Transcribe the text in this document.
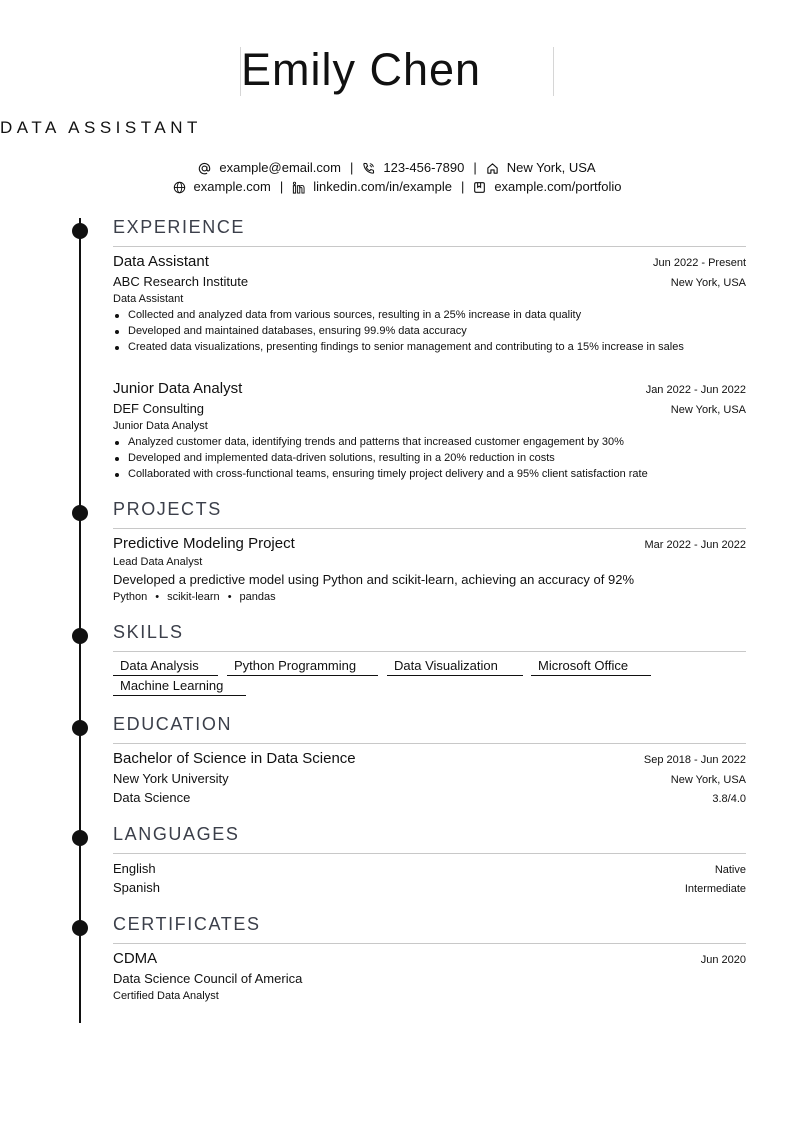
Emily Chen
DATA ASSISTANT
example@email.com | 123-456-7890 | New York, USA
example.com | linkedin.com/in/example | example.com/portfolio
EXPERIENCE
Data Assistant	Jun 2022 - Present
ABC Research Institute	New York, USA
Data Assistant
Collected and analyzed data from various sources, resulting in a 25% increase in data quality
Developed and maintained databases, ensuring 99.9% data accuracy
Created data visualizations, presenting findings to senior management and contributing to a 15% increase in sales
Junior Data Analyst	Jan 2022 - Jun 2022
DEF Consulting	New York, USA
Junior Data Analyst
Analyzed customer data, identifying trends and patterns that increased customer engagement by 30%
Developed and implemented data-driven solutions, resulting in a 20% reduction in costs
Collaborated with cross-functional teams, ensuring timely project delivery and a 95% client satisfaction rate
PROJECTS
Predictive Modeling Project	Mar 2022 - Jun 2022
Lead Data Analyst
Developed a predictive model using Python and scikit-learn, achieving an accuracy of 92%
Python • scikit-learn • pandas
SKILLS
Data Analysis	Python Programming	Data Visualization	Microsoft Office
Machine Learning
EDUCATION
Bachelor of Science in Data Science	Sep 2018 - Jun 2022
New York University	New York, USA
Data Science	3.8/4.0
LANGUAGES
English	Native
Spanish	Intermediate
CERTIFICATES
CDMA	Jun 2020
Data Science Council of America
Certified Data Analyst
